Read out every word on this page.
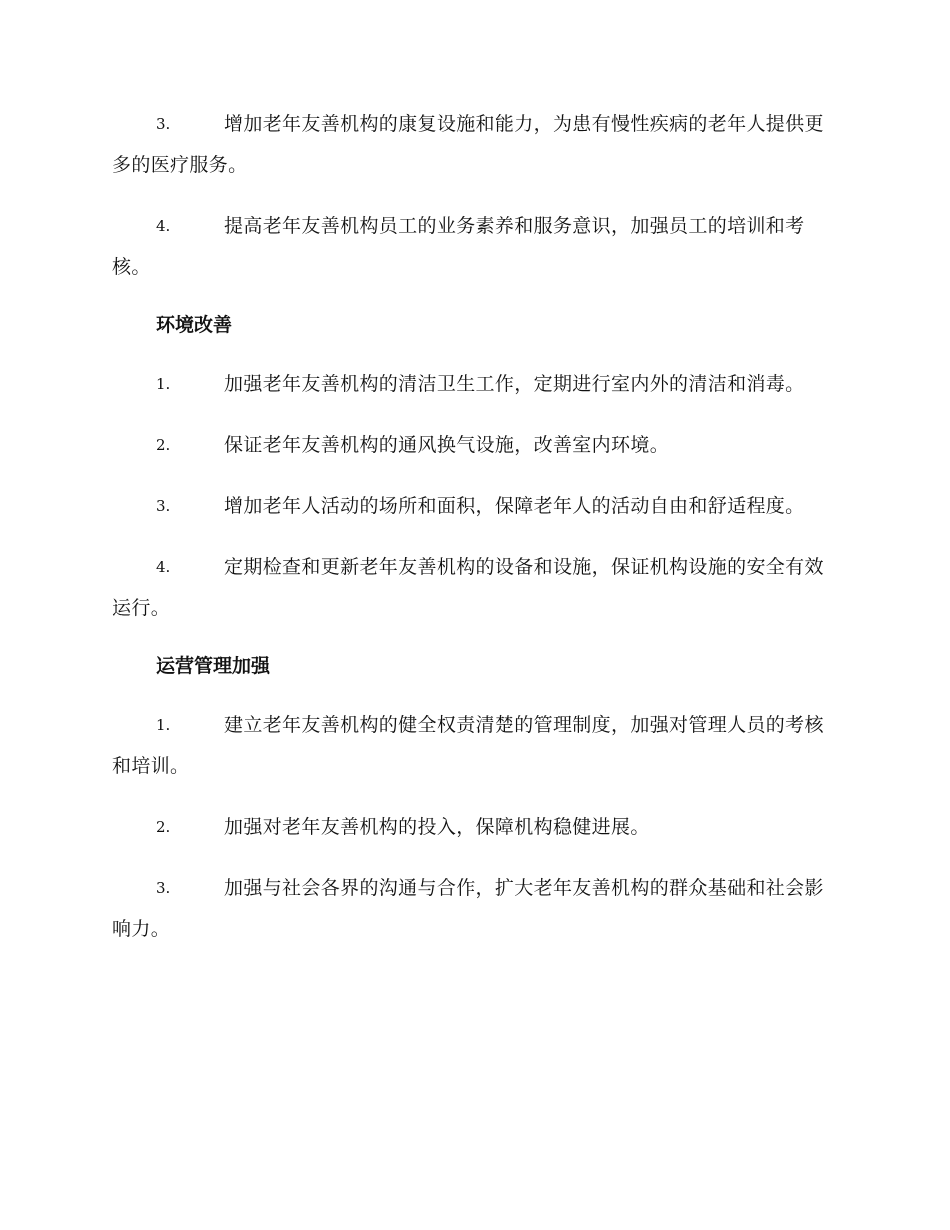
3.	增加老年友善机构的康复设施和能力，为患有慢性疾病的老年人提供更多的医疗服务。
4.	提高老年友善机构员工的业务素养和服务意识，加强员工的培训和考核。
环境改善
1.	加强老年友善机构的清洁卫生工作，定期进行室内外的清洁和消毒。
2.	保证老年友善机构的通风换气设施，改善室内环境。
3.	增加老年人活动的场所和面积，保障老年人的活动自由和舒适程度。
4.	定期检查和更新老年友善机构的设备和设施，保证机构设施的安全有效运行。
运营管理加强
1.	建立老年友善机构的健全权责清楚的管理制度，加强对管理人员的考核和培训。
2.	加强对老年友善机构的投入，保障机构稳健进展。
3.	加强与社会各界的沟通与合作，扩大老年友善机构的群众基础和社会影响力。
